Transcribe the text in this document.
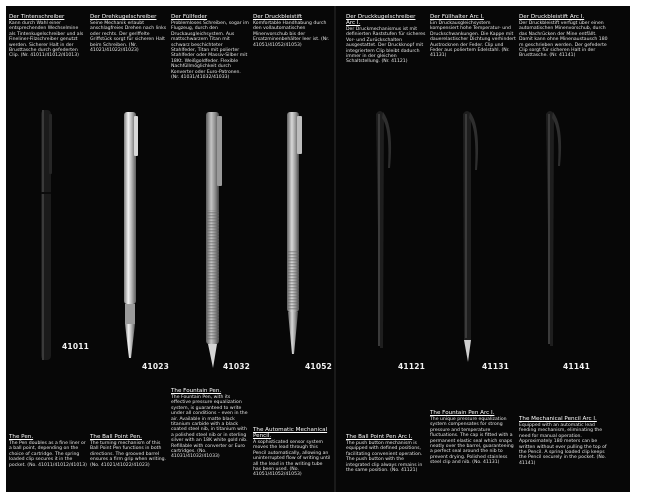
Der Tintenschreiber

Kann durch Wahl einer entsprechenden Wechselmine als Tintenkugelschreiber und als Fineliner-Filzschreiber genutzt werden. Sicherer Halt in der Brusttasche durch gefederten Clip. (Nr. 41011/41012/41013)

Der Drehkugelschreiber

Seine Mechanik erlaubt anschlagfreies Drehen nach links oder rechts. Der geriffelte Griffstück sorgt für sicheren Halt beim Schreiben. (Nr. 41021/41022/41023)

Der Füllfeder

Problemloses Schreiben, sogar im Flugzeug, durch den Druckausgleichsystem. Aus mattschwarzem Titan mit schwarz beschichteter Stahlfeder, Titan mit polierter Stahlfeder oder Massiv-Silber mit 18Kt. Weißgoldfeder. Flexible Nachfüllmöglichkeit durch Konverter oder Euro-Patronen. (Nr. 41031/41032/41033)

Der Druckbleistift

Komfortable Handhabung durch den vollautomatischen Minenvorschub bis der Ersatzminenbehälter leer ist. (Nr. 41051/41052/41053)

Der Druckkugelschreiber Arc I.

Der Druckmechanismus ist mit definierten Raststufen für sicheres Vor- und Zurückschalten ausgestattet. Der Druckknopf mit integriertem Clip bleibt dadurch immer in der gleichen Schaltstellung. (Nr. 41121)

Der Füllhalter Arc I.

Ein Druckausgleichsystem kompensiert hohe Temperatur- und Druckschwankungen. Die Kappe mit dauerelastischer Dichtung verhindert Austrocknen der Feder. Clip und Feder aus poliertem Edelstahl. (Nr. 41131)

Der Druckbleistift Arc I.

Der Druckbleistift verfügt über einen automatischen Minenvorschub, durch das Nachrücken der Mine entfällt. Damit kann ohne Minenaustausch 180 m geschrieben werden. Der gefederte Clip sorgt für sicheren Halt in der Brusttasche. (Nr. 41141)

41011
41023	41032	41052	41121	41131	41141

The Pen.

The Pen doubles as a fine liner or a ball point, depending on the choice of cartridge. The spring loaded clip secures it in the pocket. (No. 41011/41012/41013)

The Ball Point Pen.

The turning mechanism of this Ball Point Pen functions in both directions. The grooved barrel ensures a firm grip when writing. (No. 41021/41022/41023)

The Fountain Pen.

The Fountain Pen, with its effective pressure equalization system, is guaranteed to write under all conditions – even in the air. Available in matte black titanium carbide with a black coated steel nib, in titanium with a polished steel nib or in sterling silver with an 18K white gold nib. Refillable with converter or Euro cartridges. (No. 41031/41032/41033)

The Automatic Mechanical Pencil.

A sophisticated sensor system moves the lead through this Pencil automatically, allowing an uninterrupted flow of writing until all the lead in the writing tube has been used. (No. 41051/41052/41053)

The Ball Point Pen Arc I.

The push button mechanism is equipped with defined positions, facilitating convenient operation. The push button with the integrated clip always remains in the same position. (No. 41121)

The Fountain Pen Arc I.

The unique pressure equalization system compensates for strong pressure and temperature fluctuations. The cap is fitted with a permanent elastic seal which snaps neatly over the barrel, guaranteeing a perfect seal around the nib to prevent drying. Polished stainless steel clip and nib. (No. 41131)

The Mechanical Pencil Arc I.

Equipped with an automatic lead feeding mechanism, eliminating the need for manual operation. Approximately 180 meters can be written without ever pulling the top of the Pencil. A spring loaded clip keeps the Pencil securely in the pocket. (No. 41141)
